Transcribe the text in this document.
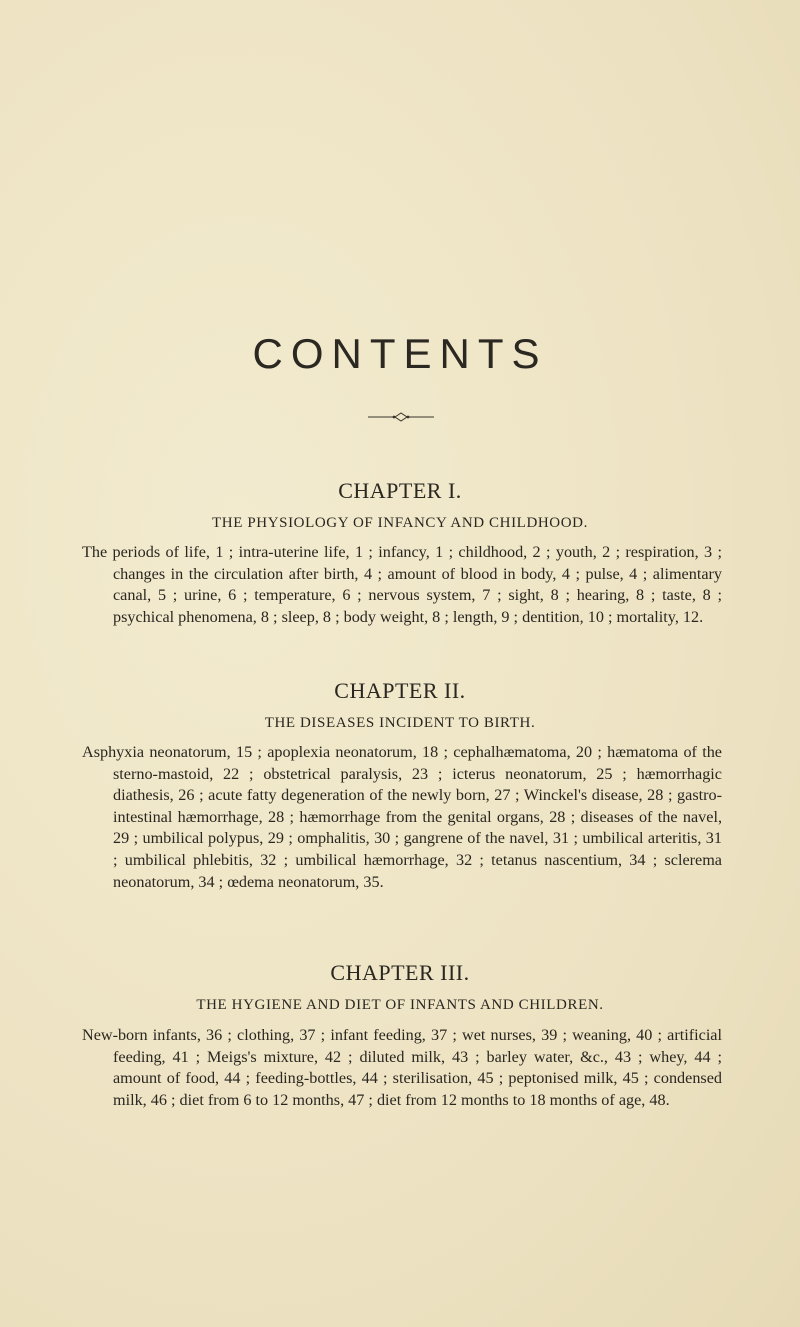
CONTENTS
CHAPTER I.
THE PHYSIOLOGY OF INFANCY AND CHILDHOOD.
The periods of life, 1 ; intra-uterine life, 1 ; infancy, 1 ; childhood, 2 ; youth, 2 ; respiration, 3 ; changes in the circulation after birth, 4 ; amount of blood in body, 4 ; pulse, 4 ; alimentary canal, 5 ; urine, 6 ; temperature, 6 ; nervous system, 7 ; sight, 8 ; hearing, 8 ; taste, 8 ; psychical phenomena, 8 ; sleep, 8 ; body weight, 8 ; length, 9 ; dentition, 10 ; mortality, 12.
CHAPTER II.
THE DISEASES INCIDENT TO BIRTH.
Asphyxia neonatorum, 15 ; apoplexia neonatorum, 18 ; cephalhæmatoma, 20 ; hæmatoma of the sterno-mastoid, 22 ; obstetrical paralysis, 23 ; icterus neonatorum, 25 ; hæmorrhagic diathesis, 26 ; acute fatty degeneration of the newly born, 27 ; Winckel's disease, 28 ; gastro-intestinal hæmorrhage, 28 ; hæmorrhage from the genital organs, 28 ; diseases of the navel, 29 ; umbilical polypus, 29 ; omphalitis, 30 ; gangrene of the navel, 31 ; umbilical arteritis, 31 ; umbilical phlebitis, 32 ; umbilical hæmorrhage, 32 ; tetanus nascentium, 34 ; sclerema neonatorum, 34 ; œdema neonatorum, 35.
CHAPTER III.
THE HYGIENE AND DIET OF INFANTS AND CHILDREN.
New-born infants, 36 ; clothing, 37 ; infant feeding, 37 ; wet nurses, 39 ; weaning, 40 ; artificial feeding, 41 ; Meigs's mixture, 42 ; diluted milk, 43 ; barley water, &c., 43 ; whey, 44 ; amount of food, 44 ; feeding-bottles, 44 ; sterilisation, 45 ; peptonised milk, 45 ; condensed milk, 46 ; diet from 6 to 12 months, 47 ; diet from 12 months to 18 months of age, 48.
